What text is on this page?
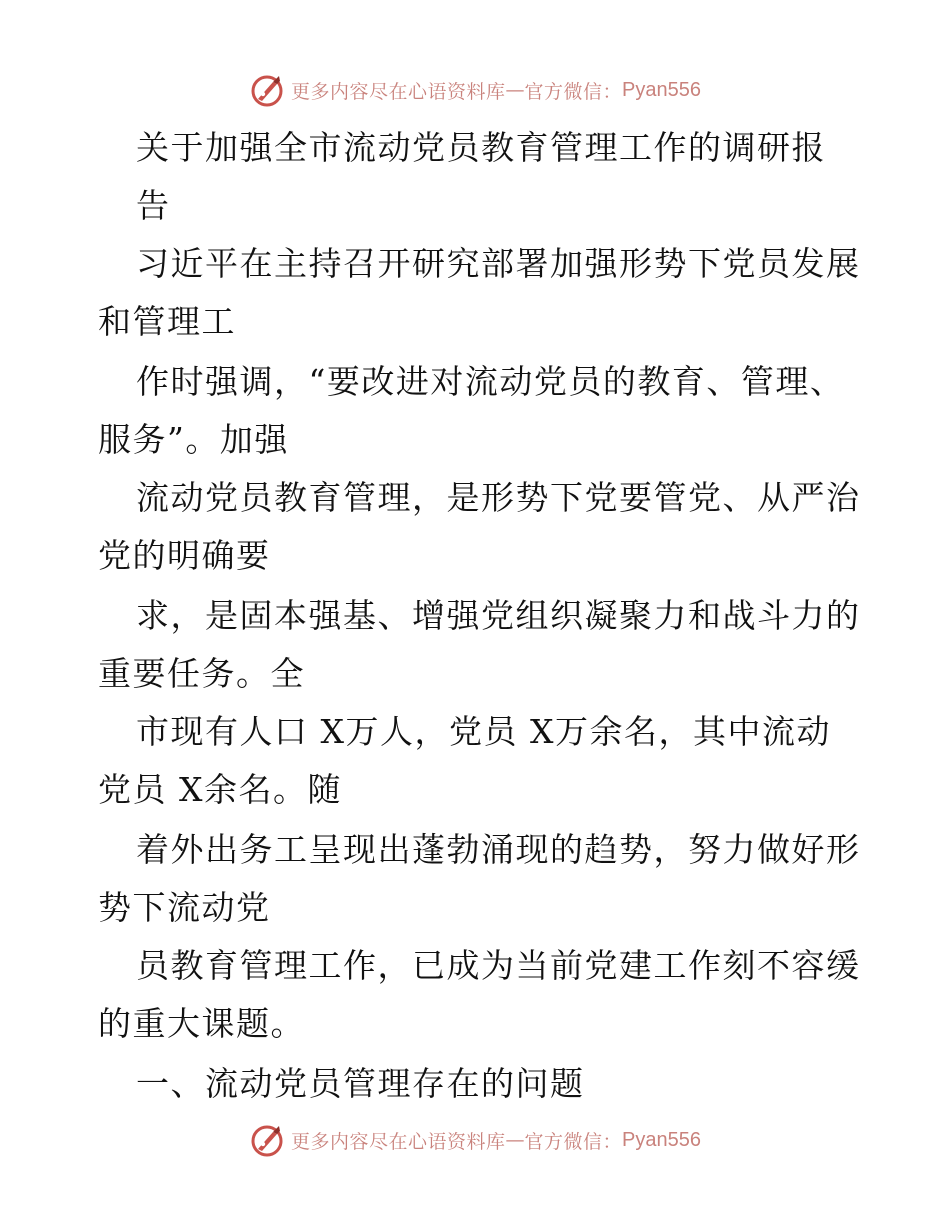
更多内容尽在心语资料库 — 官方微信： Pyan556
关于加强全市流动党员教育管理工作的调研报
告
习近平在主持召开研究部署加强形势下党员发展
和管理工
作时强调，“要改进对流动党员的教育、管理、
服务”。加强
流动党员教育管理，是形势下党要管党、从严治
党的明确要
求，是固本强基、增强党组织凝聚力和战斗力的
重要任务。全
市现有人口 X万人，党员 X万余名，其中流动
党员 X余名。随
着外出务工呈现出蓬勃涌现的趋势，努力做好形
势下流动党
员教育管理工作，已成为当前党建工作刻不容缓
的重大课题。
一、流动党员管理存在的问题
更多内容尽在心语资料库 — 官方微信： Pyan556
